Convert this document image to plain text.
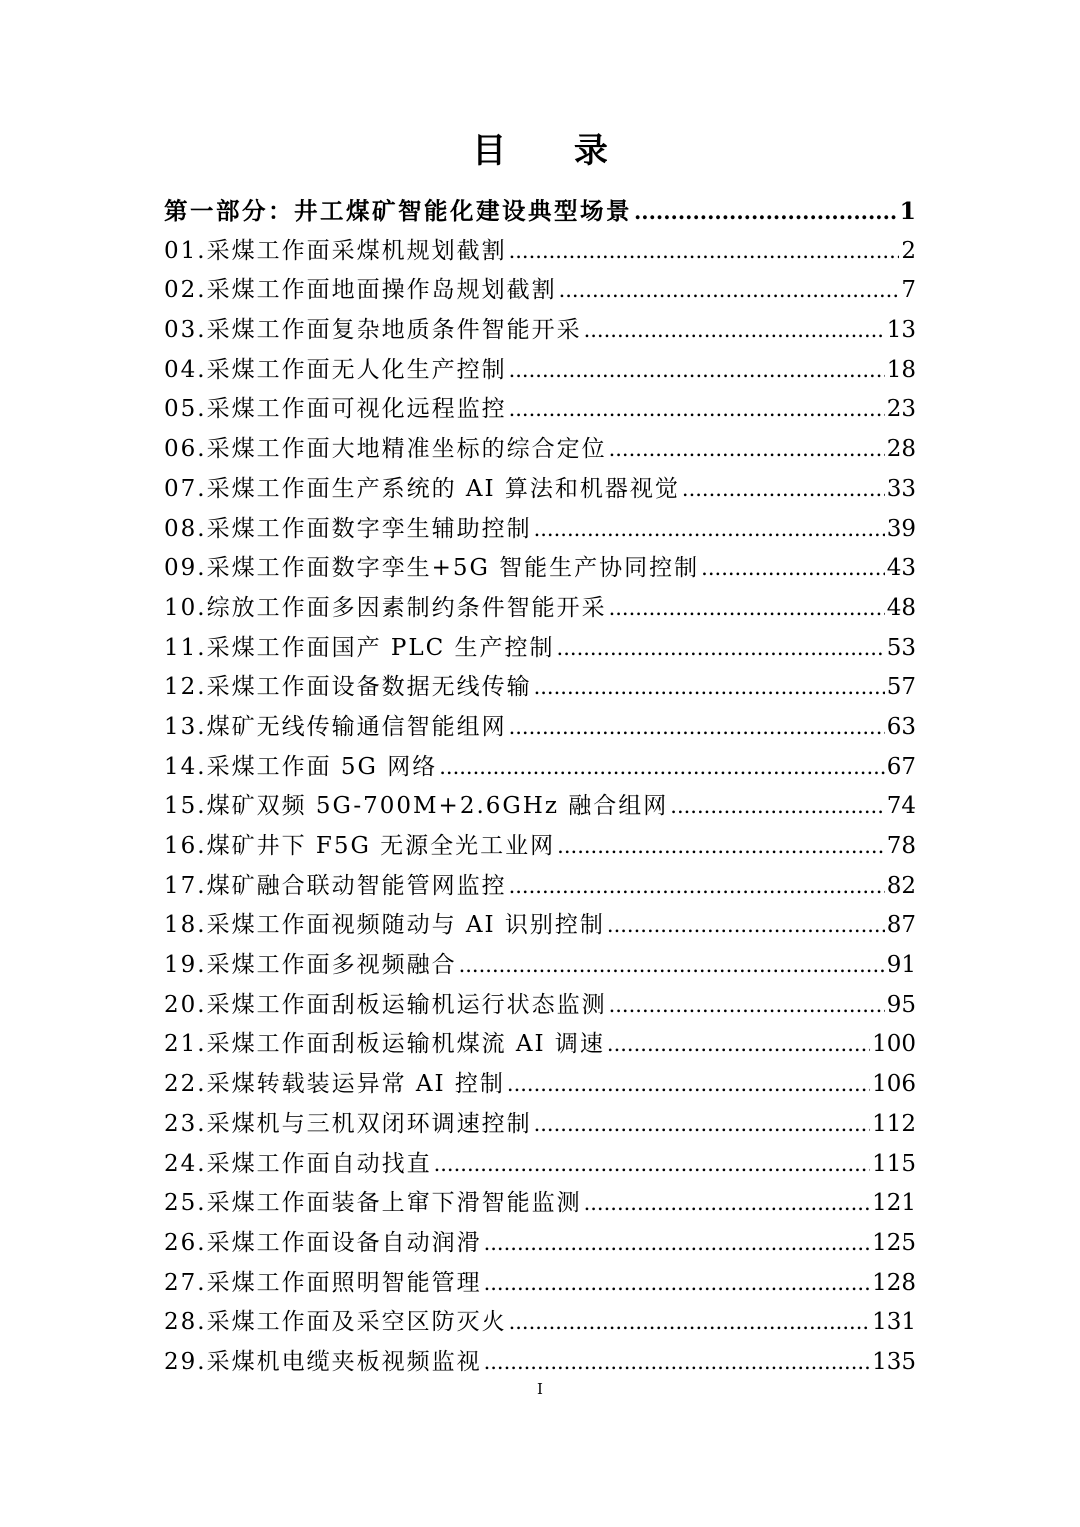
目 录
第一部分：井工煤矿智能化建设典型场景 .....	1
01.采煤工作面采煤机规划截割 .....	2
02.采煤工作面地面操作岛规划截割 .....	7
03.采煤工作面复杂地质条件智能开采 .....	13
04.采煤工作面无人化生产控制 .....	18
05.采煤工作面可视化远程监控 .....	23
06.采煤工作面大地精准坐标的综合定位 .....	28
07.采煤工作面生产系统的 AI 算法和机器视觉 .....	33
08.采煤工作面数字孪生辅助控制 .....	39
09.采煤工作面数字孪生+5G 智能生产协同控制 .....	43
10.综放工作面多因素制约条件智能开采 .....	48
11.采煤工作面国产 PLC 生产控制 .....	53
12.采煤工作面设备数据无线传输 .....	57
13.煤矿无线传输通信智能组网 .....	63
14.采煤工作面 5G 网络 .....	67
15.煤矿双频 5G-700M+2.6GHz 融合组网 .....	74
16.煤矿井下 F5G 无源全光工业网 .....	78
17.煤矿融合联动智能管网监控 .....	82
18.采煤工作面视频随动与 AI 识别控制 .....	87
19.采煤工作面多视频融合 .....	91
20.采煤工作面刮板运输机运行状态监测 .....	95
21.采煤工作面刮板运输机煤流 AI 调速 .....	100
22.采煤转载装运异常 AI 控制 .....	106
23.采煤机与三机双闭环调速控制 .....	112
24.采煤工作面自动找直 .....	115
25.采煤工作面装备上窜下滑智能监测 .....	121
26.采煤工作面设备自动润滑 .....	125
27.采煤工作面照明智能管理 .....	128
28.采煤工作面及采空区防灭火 .....	131
29.采煤机电缆夹板视频监视 .....	135
I
